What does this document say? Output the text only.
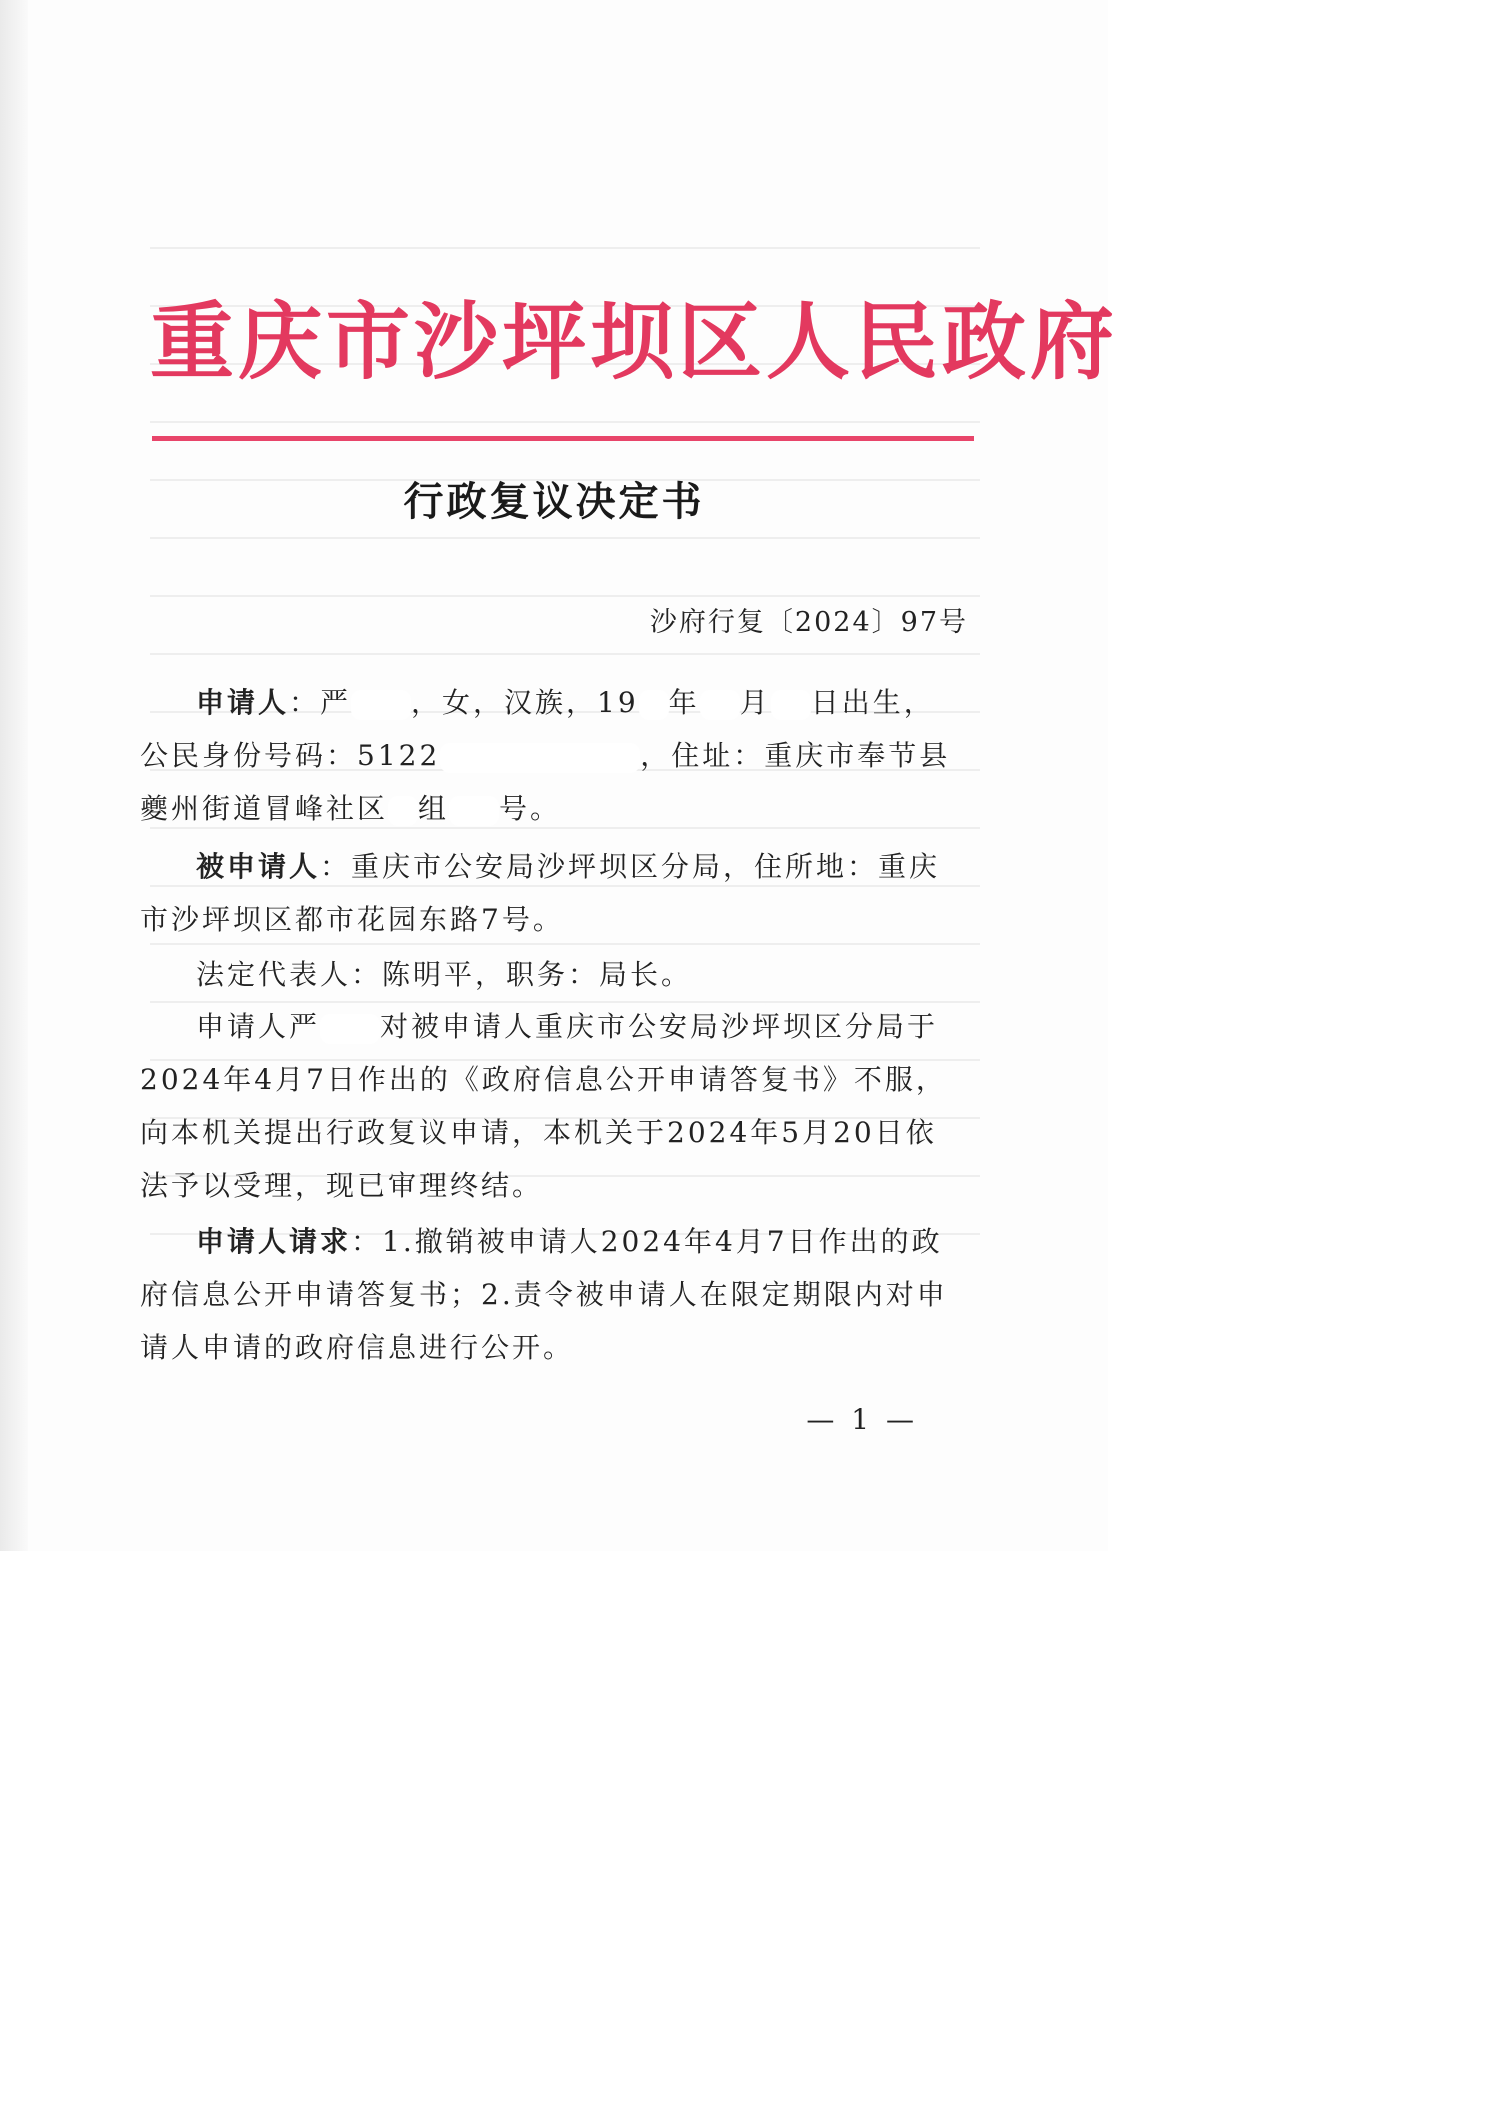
重庆市沙坪坝区人民政府
行政复议决定书
沙府行复〔2024〕97号

申请人：严 ，女，汉族，19 年 月 日出生，公民身份号码：5122	，住址：重庆市奉节县夔州街道冒峰社区 组 号。

被申请人：重庆市公安局沙坪坝区分局，住所地：重庆市沙坪坝区都市花园东路7号。

法定代表人：陈明平，职务：局长。

申请人严 对被申请人重庆市公安局沙坪坝区分局于2024年4月7日作出的《政府信息公开申请答复书》不服，向本机关提出行政复议申请，本机关于2024年5月20日依法予以受理，现已审理终结。

申请人请求：1.撤销被申请人2024年4月7日作出的政府信息公开申请答复书；2.责令被申请人在限定期限内对申请人申请的政府信息进行公开。

— 1 —
